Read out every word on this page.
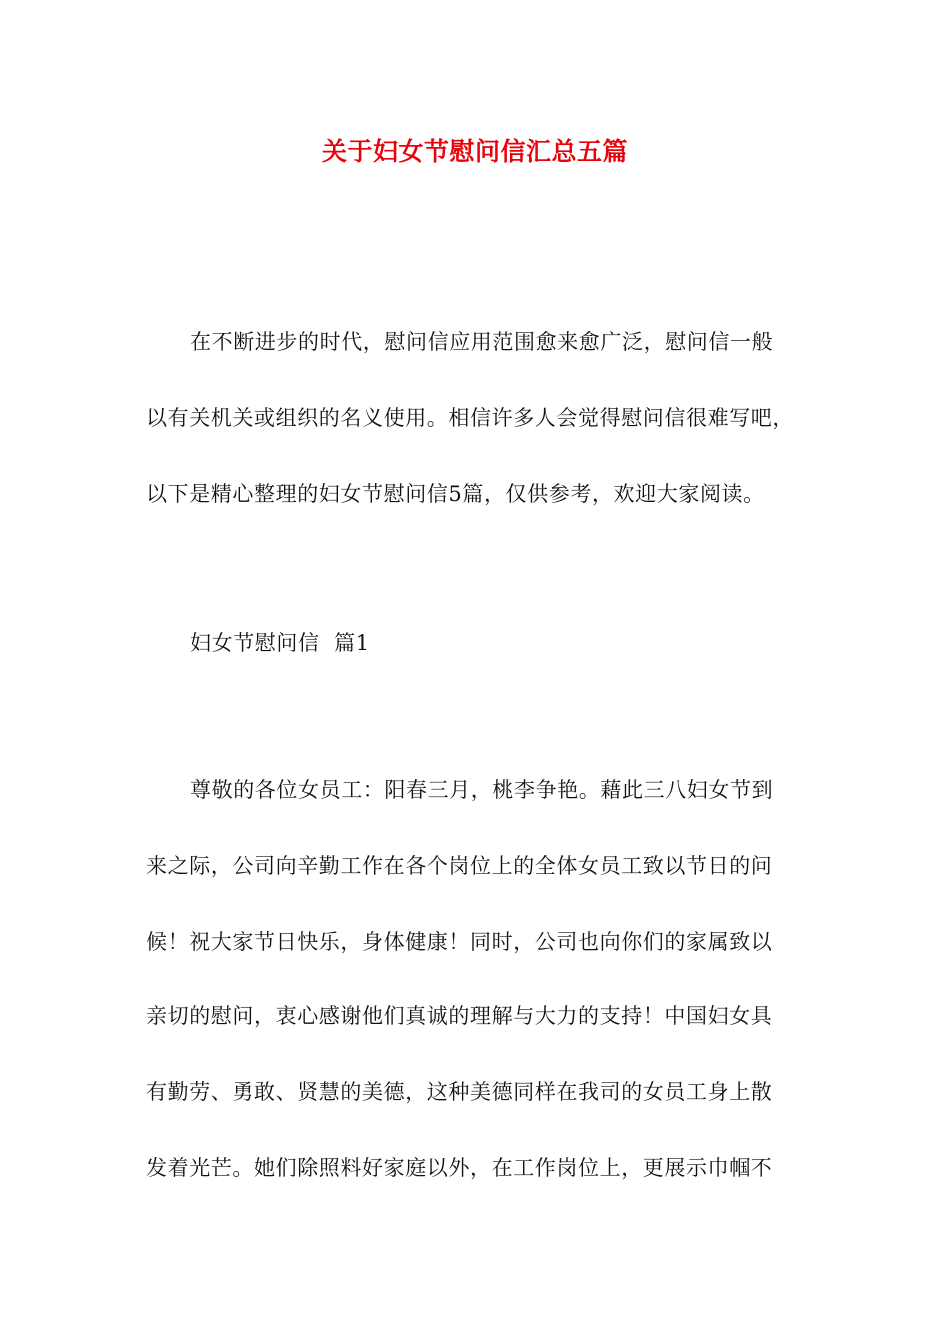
关于妇女节慰问信汇总五篇
在不断进步的时代，慰问信应用范围愈来愈广泛，慰问信一般
以有关机关或组织的名义使用。相信许多人会觉得慰问信很难写吧，
以下是精心整理的妇女节慰问信5篇，仅供参考，欢迎大家阅读。
妇女节慰问信  篇1
尊敬的各位女员工：阳春三月，桃李争艳。藉此三八妇女节到
来之际，公司向辛勤工作在各个岗位上的全体女员工致以节日的问
候！祝大家节日快乐，身体健康！同时，公司也向你们的家属致以
亲切的慰问，衷心感谢他们真诚的理解与大力的支持！中国妇女具
有勤劳、勇敢、贤慧的美德，这种美德同样在我司的女员工身上散
发着光芒。她们除照料好家庭以外，在工作岗位上，更展示巾帼不
